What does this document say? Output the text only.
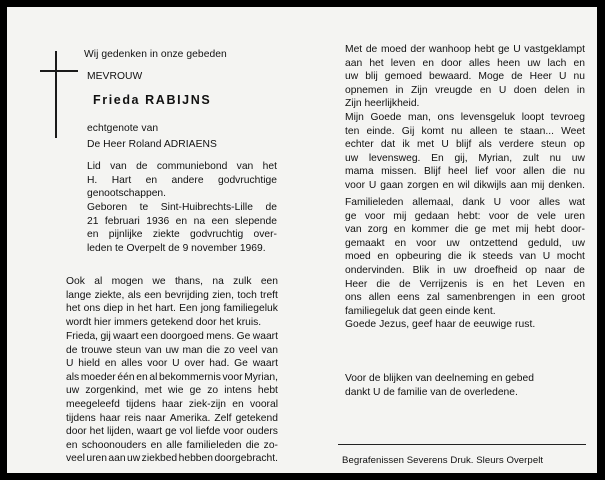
Wij gedenken in onze gebeden
MEVROUW
Frieda RABIJNS
echtgenote van
De Heer Roland ADRIAENS
Lid van de communiebond van het
H. Hart en andere godvruchtige
genootschappen.
Geboren te Sint-Huibrechts-Lille de
21 februari 1936 en na een slepende
en pijnlijke ziekte godvruchtig over-
leden te Overpelt de 9 november 1969.
Ook al mogen we thans, na zulk een
lange ziekte, als een bevrijding zien, toch treft
het ons diep in het hart. Een jong familiegeluk
wordt hier immers getekend door het kruis.
Frieda, gij waart een doorgoed mens. Ge waart
de trouwe steun van uw man die zo veel van
U hield en alles voor U over had. Ge waart
als moeder één en al bekommernis voor Myrian,
uw zorgenkind, met wie ge zo intens hebt
meegeleefd tijdens haar ziek-zijn en vooral
tijdens haar reis naar Amerika. Zelf getekend
door het lijden, waart ge vol liefde voor ouders
en schoonouders en alle familieleden die zo-
veel uren aan uw ziekbed hebben doorgebracht.
Met de moed der wanhoop hebt ge U vastgeklampt
aan het leven en door alles heen uw lach en
uw blij gemoed bewaard. Moge de Heer U nu
opnemen in Zijn vreugde en U doen delen in
Zijn heerlijkheid.
Mijn Goede man, ons levensgeluk loopt tevroeg
ten einde. Gij komt nu alleen te staan... Weet
echter dat ik met U blijf als verdere steun op
uw levensweg. En gij, Myrian, zult nu uw
mama missen. Blijf heel lief voor allen die nu
voor U gaan zorgen en wil dikwijls aan mij denken.
Familieleden allemaal, dank U voor alles wat
ge voor mij gedaan hebt: voor de vele uren
van zorg en kommer die ge met mij hebt door-
gemaakt en voor uw ontzettend geduld, uw
moed en opbeuring die ik steeds van U mocht
ondervinden. Blik in uw droefheid op naar de
Heer die de Verrijzenis is en het Leven en
ons allen eens zal samenbrengen in een groot
familiegeluk dat geen einde kent.
Goede Jezus, geef haar de eeuwige rust.
Voor de blijken van deelneming en gebed
dankt U de familie van de overledene.
Begrafenissen Severens Druk. Sleurs Overpelt
